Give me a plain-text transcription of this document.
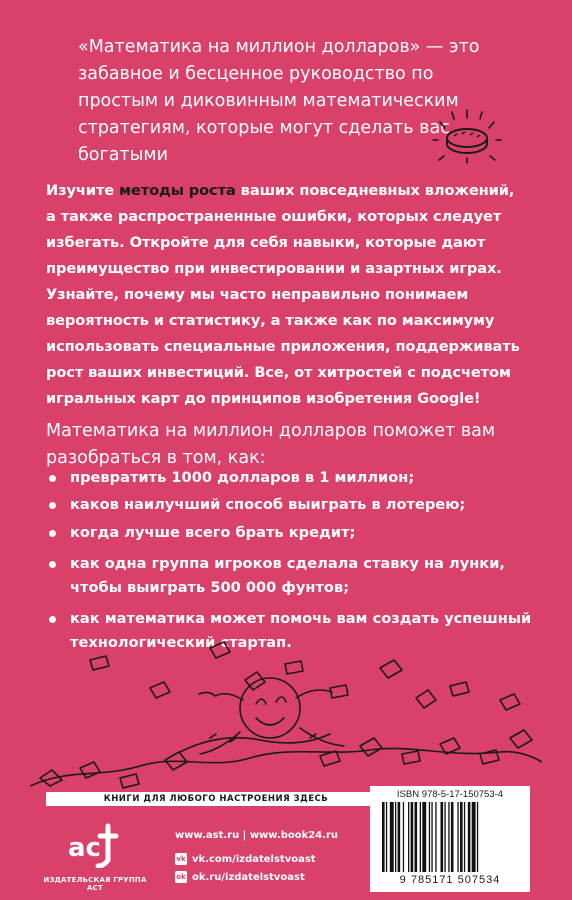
«Математика на миллион долларов» — это забавное и бесценное руководство по простым и диковинным математическим стратегиям, которые могут сделать вас богатыми

Изучите методы роста ваших повседневных вложений, а также распространенные ошибки, которых следует избегать. Откройте для себя навыки, которые дают преимущество при инвестировании и азартных играх. Узнайте, почему мы часто неправильно понимаем вероятность и статистику, а также как по максимуму использовать специальные приложения, поддерживать рост ваших инвестиций. Все, от хитростей с подсчетом игральных карт до принципов изобретения Google!

Математика на миллион долларов поможет вам разобраться в том, как:

превратить 1000 долларов в 1 миллион;
каков наилучший способ выиграть в лотерею;
когда лучше всего брать кредит;
как одна группа игроков сделала ставку на лунки, чтобы выиграть 500 000 фунтов;
как математика может помочь вам создать успешный технологический стартап.
КНИГИ ДЛЯ ЛЮБОГО НАСТРОЕНИЯ ЗДЕСЬ
ac
ИЗДАТЕЛЬСКАЯ ГРУППА АСТ
www.ast.ru | www.book24.ru
vk vk.com/izdatelstvoast
ok ok.ru/izdatelstvoast
ISBN 978-5-17-150753-4
9 785171 507534
